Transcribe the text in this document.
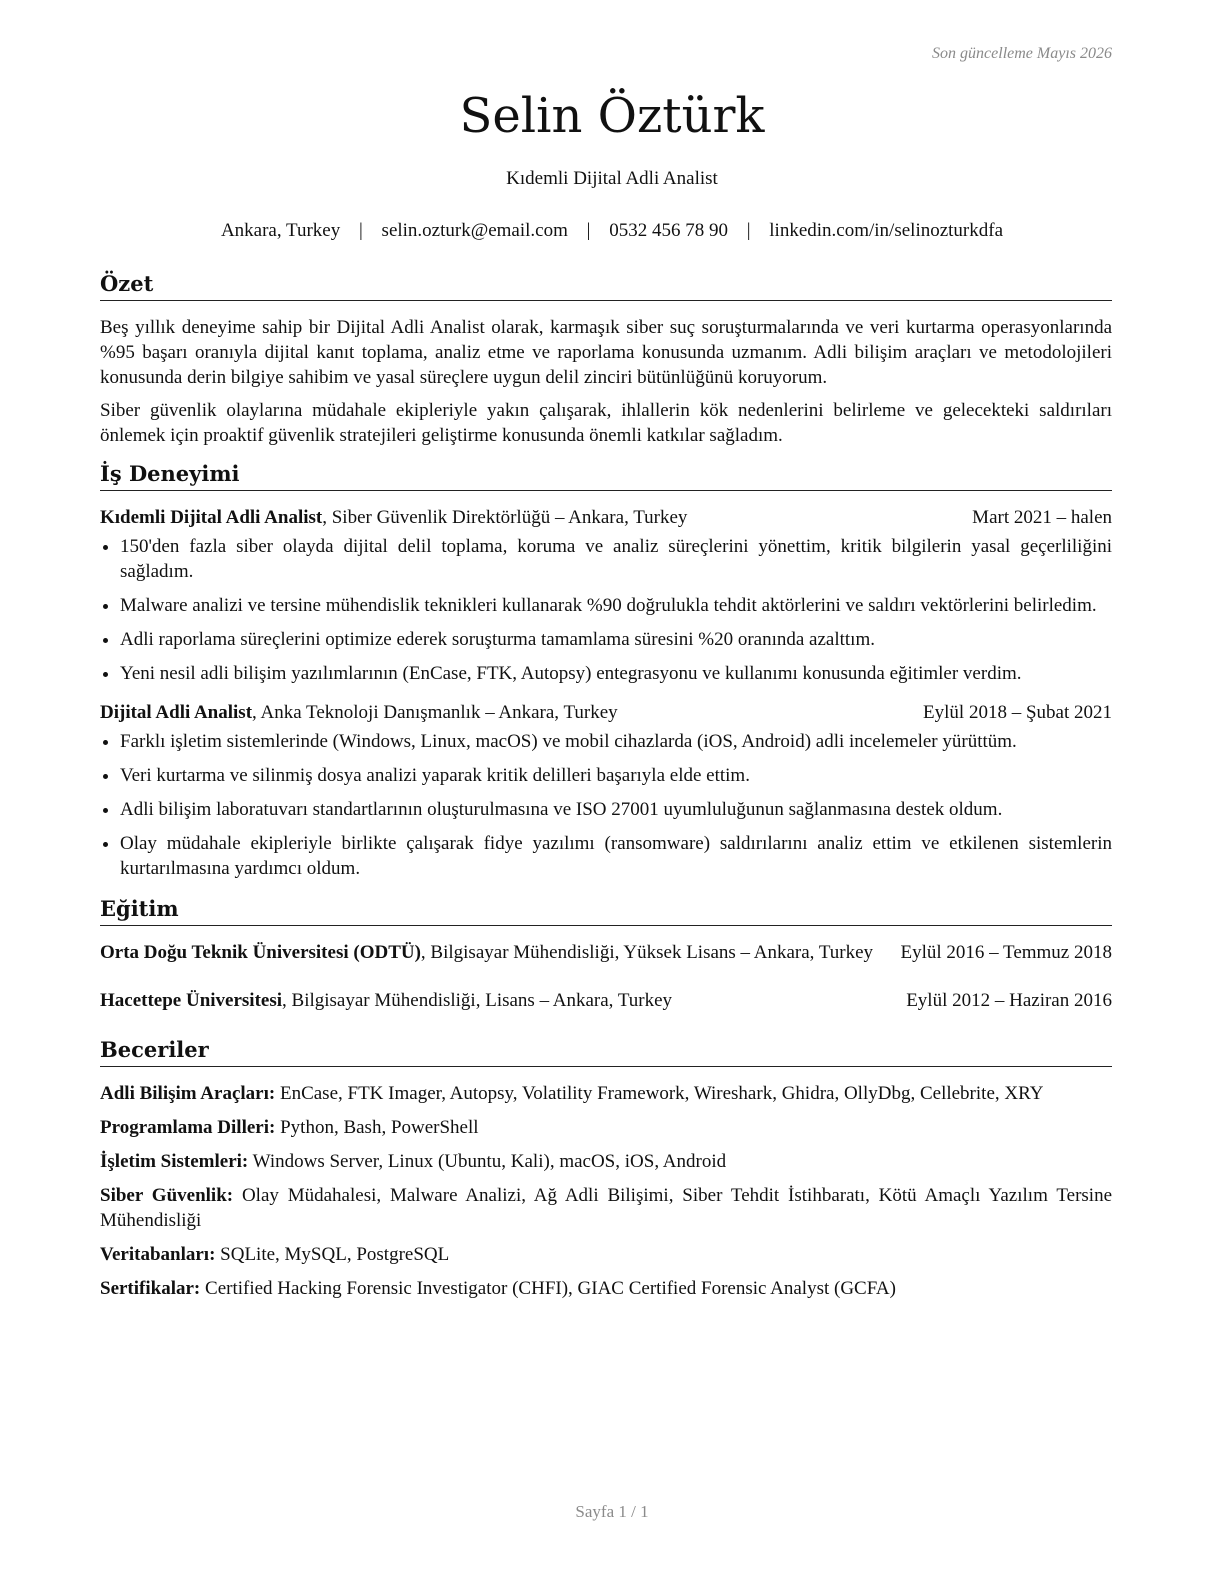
Son güncelleme Mayıs 2026
Selin Öztürk
Kıdemli Dijital Adli Analist
Ankara, Turkey | selin.ozturk@email.com | 0532 456 78 90 | linkedin.com/in/selinozturkdfa
Özet

Beş yıllık deneyime sahip bir Dijital Adli Analist olarak, karmaşık siber suç soruşturmalarında ve veri kurtarma operasyonlarında %95 başarı oranıyla dijital kanıt toplama, analiz etme ve raporlama konusunda uzmanım. Adli bilişim araçları ve metodolojileri konusunda derin bilgiye sahibim ve yasal süreçlere uygun delil zinciri bütünlüğünü koruyorum.

Siber güvenlik olaylarına müdahale ekipleriyle yakın çalışarak, ihlallerin kök nedenlerini belirleme ve gelecekteki saldırıları önlemek için proaktif güvenlik stratejileri geliştirme konusunda önemli katkılar sağladım.

İş Deneyimi
Kıdemli Dijital Adli Analist, Siber Güvenlik Direktörlüğü – Ankara, Turkey	Mart 2021 – halen
• 150'den fazla siber olayda dijital delil toplama, koruma ve analiz süreçlerini yönettim, kritik bilgilerin yasal geçerliliğini sağladım.
• Malware analizi ve tersine mühendislik teknikleri kullanarak %90 doğrulukla tehdit aktörlerini ve saldırı vektörlerini belirledim.
• Adli raporlama süreçlerini optimize ederek soruşturma tamamlama süresini %20 oranında azalttım.
• Yeni nesil adli bilişim yazılımlarının (EnCase, FTK, Autopsy) entegrasyonu ve kullanımı konusunda eğitimler verdim.
Dijital Adli Analist, Anka Teknoloji Danışmanlık – Ankara, Turkey	Eylül 2018 – Şubat 2021
• Farklı işletim sistemlerinde (Windows, Linux, macOS) ve mobil cihazlarda (iOS, Android) adli incelemeler yürüttüm.
• Veri kurtarma ve silinmiş dosya analizi yaparak kritik delilleri başarıyla elde ettim.
• Adli bilişim laboratuvarı standartlarının oluşturulmasına ve ISO 27001 uyumluluğunun sağlanmasına destek oldum.
• Olay müdahale ekipleriyle birlikte çalışarak fidye yazılımı (ransomware) saldırılarını analiz ettim ve etkilenen sistemlerin kurtarılmasına yardımcı oldum.
Eğitim
Orta Doğu Teknik Üniversitesi (ODTÜ), Bilgisayar Mühendisliği, Yüksek Lisans – Ankara, Turkey	Eylül 2016 – Temmuz 2018
Hacettepe Üniversitesi, Bilgisayar Mühendisliği, Lisans – Ankara, Turkey	Eylül 2012 – Haziran 2016
Beceriler
Adli Bilişim Araçları: EnCase, FTK Imager, Autopsy, Volatility Framework, Wireshark, Ghidra, OllyDbg, Cellebrite, XRY
Programlama Dilleri: Python, Bash, PowerShell
İşletim Sistemleri: Windows Server, Linux (Ubuntu, Kali), macOS, iOS, Android
Siber Güvenlik: Olay Müdahalesi, Malware Analizi, Ağ Adli Bilişimi, Siber Tehdit İstihbaratı, Kötü Amaçlı Yazılım Tersine Mühendisliği
Veritabanları: SQLite, MySQL, PostgreSQL
Sertifikalar: Certified Hacking Forensic Investigator (CHFI), GIAC Certified Forensic Analyst (GCFA)
Sayfa 1 / 1
